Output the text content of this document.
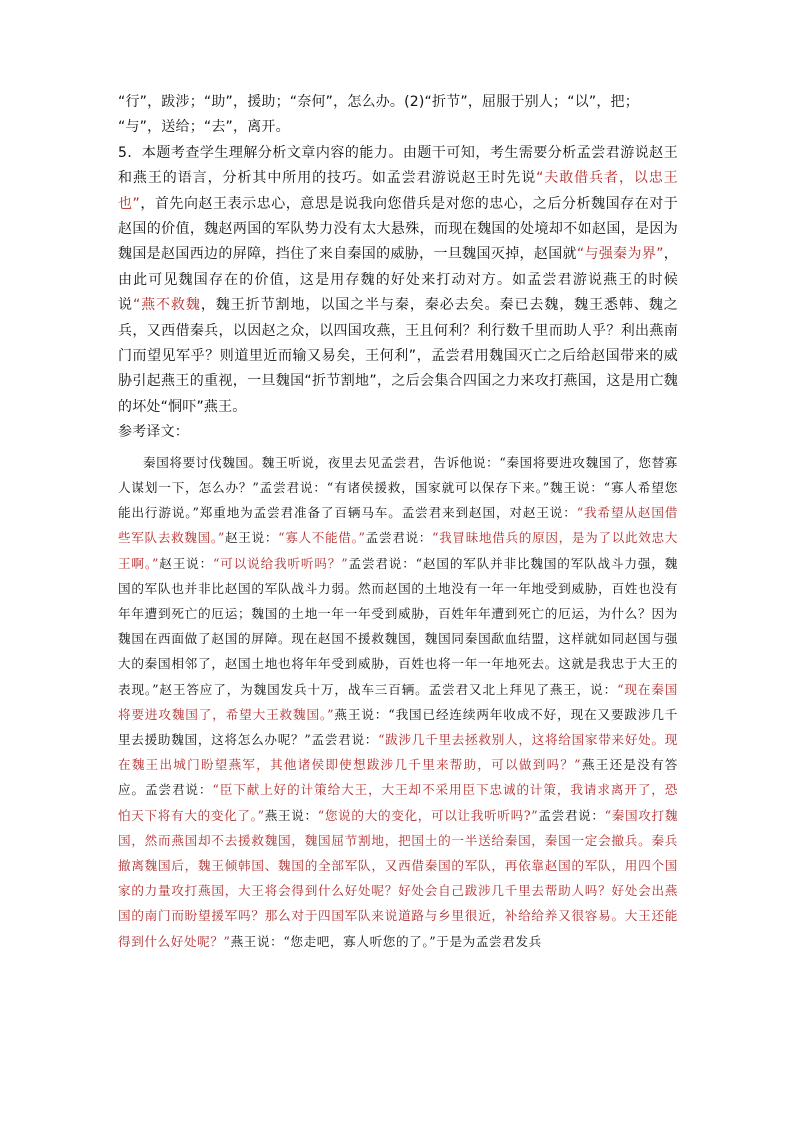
“行”，跋涉；“助”，援助；“奈何”，怎么办。(2)“折节”，屈服于别人；“以”，把；
“与”，送给；“去”，离开。

5．本题考查学生理解分析文章内容的能力。由题干可知，考生需要分析孟尝君游说赵王和燕王的语言，分析其中所用的技巧。如孟尝君游说赵王时先说“夫敢借兵者，以忠王也”，首先向赵王表示忠心，意思是说我向您借兵是对您的忠心，之后分析魏国存在对于赵国的价值，魏赵两国的军队势力没有太大悬殊，而现在魏国的处境却不如赵国，是因为魏国是赵国西边的屏障，挡住了来自秦国的威胁，一旦魏国灭掉，赵国就“与强秦为界”，由此可见魏国存在的价值，这是用存魏的好处来打动对方。如孟尝君游说燕王的时候说“燕不救魏，魏王折节割地，以国之半与秦，秦必去矣。秦已去魏，魏王悉韩、魏之兵，又西借秦兵，以因赵之众，以四国攻燕，王且何利？利行数千里而助人乎？利出燕南门而望见军乎？则道里近而输又易矣，王何利”，孟尝君用魏国灭亡之后给赵国带来的威胁引起燕王的重视，一旦魏国“折节割地”，之后会集合四国之力来攻打燕国，这是用亡魏的坏处“恫吓”燕王。

参考译文：

秦国将要讨伐魏国。魏王听说，夜里去见孟尝君，告诉他说：“秦国将要进攻魏国了，您替寡人谋划一下，怎么办？”孟尝君说：“有诸侯援救，国家就可以保存下来。”魏王说：“寡人希望您能出行游说。”郑重地为孟尝君准备了百辆马车。孟尝君来到赵国，对赵王说：“我希望从赵国借些军队去救魏国。”赵王说：“寡人不能借。”孟尝君说：“我冒昧地借兵的原因，是为了以此效忠大王啊。”赵王说：“可以说给我听听吗？”孟尝君说：“赵国的军队并非比魏国的军队战斗力强，魏国的军队也并非比赵国的军队战斗力弱。然而赵国的土地没有一年一年地受到威胁，百姓也没有年年遭到死亡的厄运；魏国的土地一年一年受到威胁，百姓年年遭到死亡的厄运，为什么？因为魏国在西面做了赵国的屏障。现在赵国不援救魏国，魏国同秦国歃血结盟，这样就如同赵国与强大的秦国相邻了，赵国土地也将年年受到威胁，百姓也将一年一年地死去。这就是我忠于大王的表现。”赵王答应了，为魏国发兵十万，战车三百辆。孟尝君又北上拜见了燕王，说：“现在秦国将要进攻魏国了，希望大王救魏国。”燕王说：“我国已经连续两年收成不好，现在又要跋涉几千里去援助魏国，这将怎么办呢？”孟尝君说：“跋涉几千里去拯救别人，这将给国家带来好处。现在魏王出城门盼望燕军，其他诸侯即使想跋涉几千里来帮助，可以做到吗？”燕王还是没有答应。孟尝君说：“臣下献上好的计策给大王，大王却不采用臣下忠诚的计策，我请求离开了，恐怕天下将有大的变化了。”燕王说：“您说的大的变化，可以让我听听吗?”孟尝君说：“秦国攻打魏国，然而燕国却不去援救魏国，魏国屈节割地，把国土的一半送给秦国，秦国一定会撤兵。秦兵撤离魏国后，魏王倾韩国、魏国的全部军队，又西借秦国的军队，再依靠赵国的军队，用四个国家的力量攻打燕国，大王将会得到什么好处呢？好处会自己跋涉几千里去帮助人吗？好处会出燕国的南门而盼望援军吗？那么对于四国军队来说道路与乡里很近，补给给养又很容易。大王还能得到什么好处呢？”燕王说：“您走吧，寡人听您的了。”于是为孟尝君发兵
